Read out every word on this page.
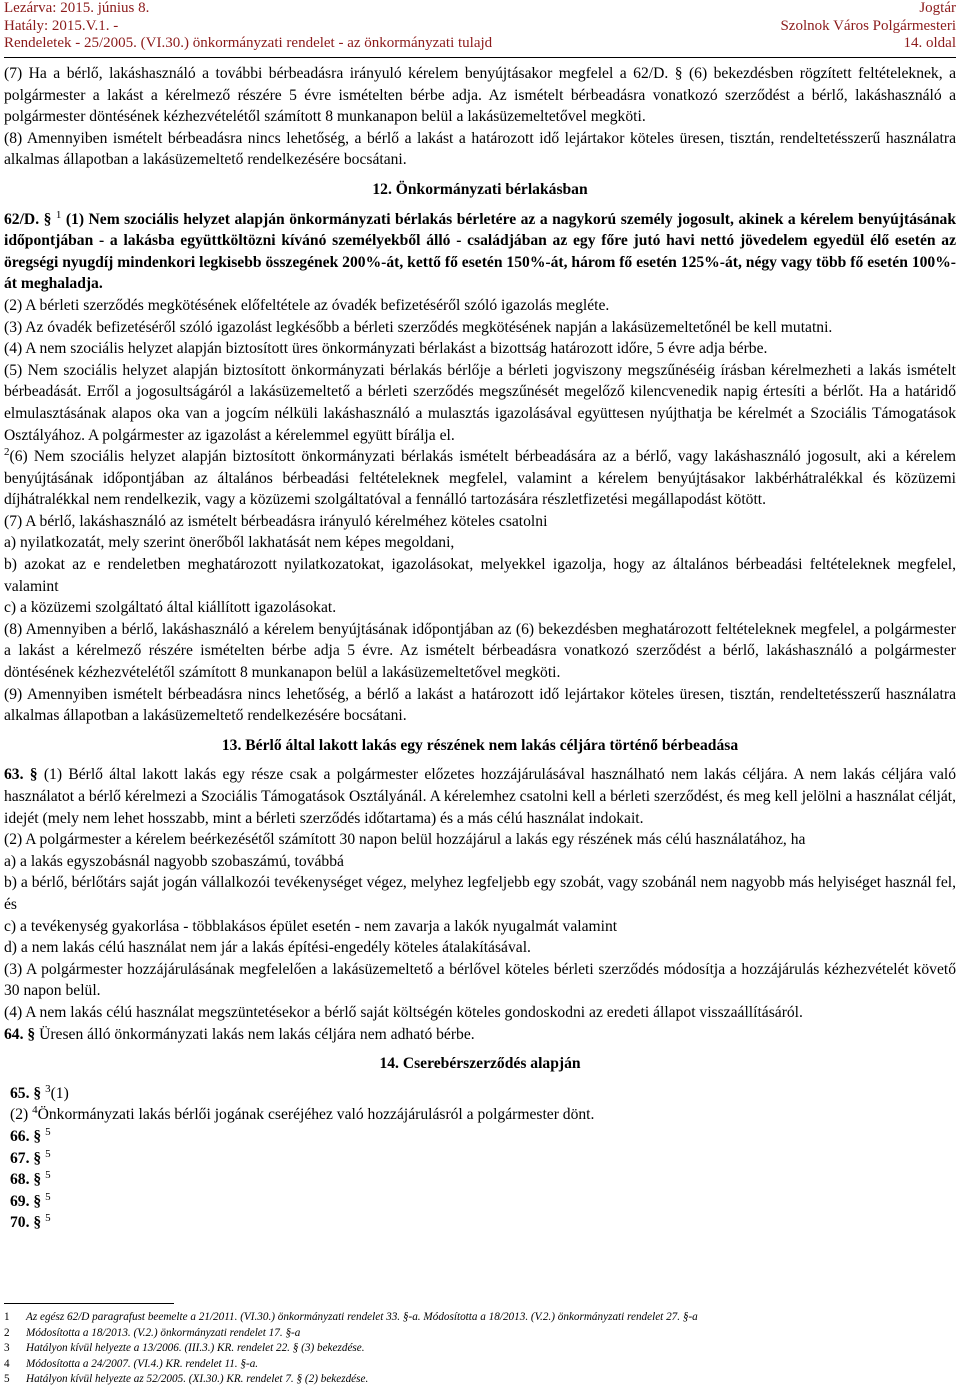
Lezárva: 2015. június 8.
Hatály: 2015.V.1. -
Rendeletek - 25/2005. (VI.30.) önkormányzati rendelet - az önkormányzati tulajd
Jogtár
Szolnok Város Polgármesteri
14. oldal

(7) Ha a bérlő, lakáshasználó a további bérbeadásra irányuló kérelem benyújtásakor megfelel a 62/D. § (6) bekezdésben rögzített feltételeknek, a polgármester a lakást a kérelmező részére 5 évre ismételten bérbe adja. Az ismételt bérbeadásra vonatkozó szerződést a bérlő, lakáshasználó a polgármester döntésének kézhezvételétől számított 8 munkanapon belül a lakásüzemeltetővel megköti.

(8) Amennyiben ismételt bérbeadásra nincs lehetőség, a bérlő a lakást a határozott idő lejártakor köteles üresen, tisztán, rendeltetésszerű használatra alkalmas állapotban a lakásüzemeltető rendelkezésére bocsátani.

12. Önkormányzati bérlakásban

62/D. § $^1$ (1) Nem szociális helyzet alapján önkormányzati bérlakás bérletére az a nagykorú személy jogosult, akinek a kérelem benyújtásának időpontjában - a lakásba együttköltözni kívánó személyekből álló - családjában az egy főre jutó havi nettó jövedelem egyedül élő esetén az öregségi nyugdíj mindenkori legkisebb összegének 200%-át, kettő fő esetén 150%-át, három fő esetén 125%-át, négy vagy több fő esetén 100%-át meghaladja.

(2) A bérleti szerződés megkötésének előfeltétele az óvadék befizetéséről szóló igazolás megléte.

(3) Az óvadék befizetéséről szóló igazolást legkésőbb a bérleti szerződés megkötésének napján a lakásüzemeltetőnél be kell mutatni.

(4) A nem szociális helyzet alapján biztosított üres önkormányzati bérlakást a bizottság határozott időre, 5 évre adja bérbe.

(5) Nem szociális helyzet alapján biztosított önkormányzati bérlakás bérlője a bérleti jogviszony megszűnéséig írásban kérelmezheti a lakás ismételt bérbeadását. Erről a jogosultságáról a lakásüzemeltető a bérleti szerződés megszűnését megelőző kilencvenedik napig értesíti a bérlőt. Ha a határidő elmulasztásának alapos oka van a jogcím nélküli lakáshasználó a mulasztás igazolásával együttesen nyújthatja be kérelmét a Szociális Támogatások Osztályához. A polgármester az igazolást a kérelemmel együtt bírálja el.

$^2$(6) Nem szociális helyzet alapján biztosított önkormányzati bérlakás ismételt bérbeadására az a bérlő, vagy lakáshasználó jogosult, aki a kérelem benyújtásának időpontjában az általános bérbeadási feltételeknek megfelel, valamint a kérelem benyújtásakor lakbérhátralékkal és közüzemi díjhátralékkal nem rendelkezik, vagy a közüzemi szolgáltatóval a fennálló tartozására részletfizetési megállapodást kötött.

(7) A bérlő, lakáshasználó az ismételt bérbeadásra irányuló kérelméhez köteles csatolni

a) nyilatkozatát, mely szerint önerőből lakhatását nem képes megoldani,

b) azokat az e rendeletben meghatározott nyilatkozatokat, igazolásokat, melyekkel igazolja, hogy az általános bérbeadási feltételeknek megfelel, valamint

c) a közüzemi szolgáltató által kiállított igazolásokat.

(8) Amennyiben a bérlő, lakáshasználó a kérelem benyújtásának időpontjában az (6) bekezdésben meghatározott feltételeknek megfelel, a polgármester a lakást a kérelmező részére ismételten bérbe adja 5 évre. Az ismételt bérbeadásra vonatkozó szerződést a bérlő, lakáshasználó a polgármester döntésének kézhezvételétől számított 8 munkanapon belül a lakásüzemeltetővel megköti.

(9) Amennyiben ismételt bérbeadásra nincs lehetőség, a bérlő a lakást a határozott idő lejártakor köteles üresen, tisztán, rendeltetésszerű használatra alkalmas állapotban a lakásüzemeltető rendelkezésére bocsátani.

13. Bérlő által lakott lakás egy részének nem lakás céljára történő bérbeadása

63. § (1) Bérlő által lakott lakás egy része csak a polgármester előzetes hozzájárulásával használható nem lakás céljára. A nem lakás céljára való használatot a bérlő kérelmezi a Szociális Támogatások Osztályánál. A kérelemhez csatolni kell a bérleti szerződést, és meg kell jelölni a használat célját, idejét (mely nem lehet hosszabb, mint a bérleti szerződés időtartama) és a más célú használat indokait.

(2) A polgármester a kérelem beérkezésétől számított 30 napon belül hozzájárul a lakás egy részének más célú használatához, ha

a) a lakás egyszobásnál nagyobb szobaszámú, továbbá

b) a bérlő, bérlőtárs saját jogán vállalkozói tevékenységet végez, melyhez legfeljebb egy szobát, vagy szobánál nem nagyobb más helyiséget használ fel, és

c) a tevékenység gyakorlása - többlakásos épület esetén - nem zavarja a lakók nyugalmát valamint

d) a nem lakás célú használat nem jár a lakás építési-engedély köteles átalakításával.

(3) A polgármester hozzájárulásának megfelelően a lakásüzemeltető a bérlővel köteles bérleti szerződés módosítja a hozzájárulás kézhezvételét követő 30 napon belül.

(4) A nem lakás célú használat megszüntetésekor a bérlő saját költségén köteles gondoskodni az eredeti állapot visszaállításáról.

64. § Üresen álló önkormányzati lakás nem lakás céljára nem adható bérbe.

14. Cserebérszerződés alapján

65. § $^3$(1)

(2) $^4$Önkormányzati lakás bérlői jogának cseréjéhez való hozzájárulásról a polgármester dönt.

66. § $^5$

67. § $^5$

68. § $^5$

69. § $^5$

70. § $^5$

1	Az egész 62/D paragrafust beemelte a 21/2011. (VI.30.) önkormányzati rendelet 33. §-a. Módosította a 18/2013. (V.2.) önkormányzati rendelet 27. §-a
2	Módosította a 18/2013. (V.2.) önkormányzati rendelet 17. §-a
3	Hatályon kívül helyezte a 13/2006. (III.3.) KR. rendelet 22. § (3) bekezdése.
4	Módosította a 24/2007. (VI.4.) KR. rendelet 11. §-a.
5	Hatályon kívül helyezte az 52/2005. (XI.30.) KR. rendelet 7. § (2) bekezdése.
